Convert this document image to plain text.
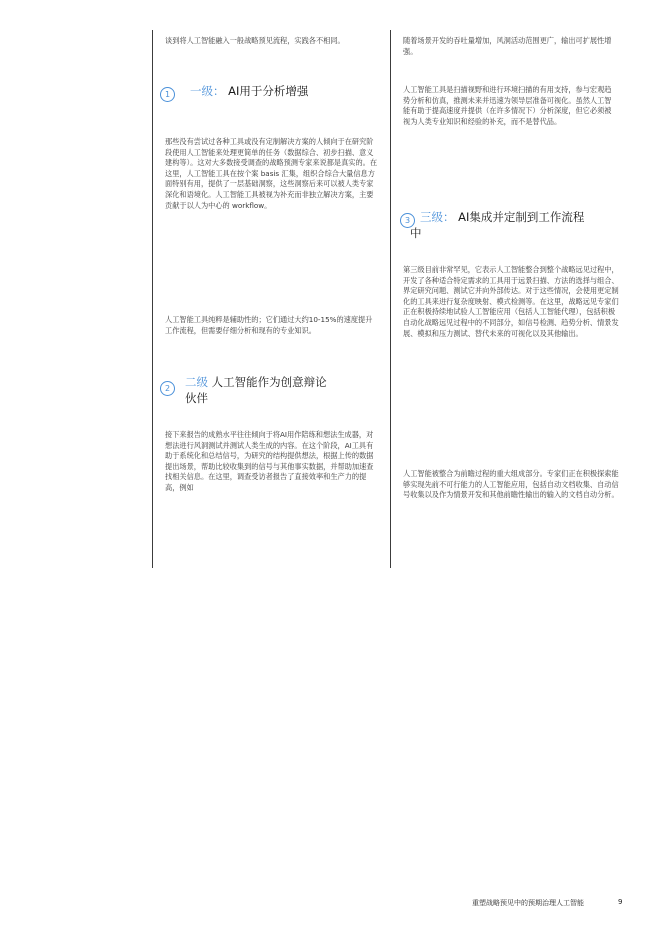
谈到将人工智能融入一般战略预见流程，实践各不相同。

1	一级： AI用于分析增强

那些没有尝试过各种工具或没有定制解决方案的人倾向于在研究阶段使用人工智能来处理更简单的任务（数据综合、初步扫描、意义建构等）。这对大多数接受调查的战略预测专家来说都是真实的。在这里，人工智能工具在按个案 basis 汇集，组织合综合大量信息方面特别有用，提供了一层基础洞察，这些洞察后来可以被人类专家深化和语境化。人工智能工具被视为补充而非独立解决方案，主要贡献于以人为中心的 workflow。

人工智能工具纯粹是辅助性的；它们通过大约10-15%的速度提升工作流程，但需要仔细分析和现有的专业知识。

2	二级 人工智能作为创意辩论
伙伴

接下来报告的成熟水平往往倾向于将AI用作陪练和想法生成器，对想法进行风洞测试并测试人类生成的内容。在这个阶段，AI工具有助于系统化和总结信号，为研究的结构提供想法，根据上传的数据提出场景，帮助比较收集到的信号与其他事实数据，并帮助加速查找相关信息。在这里，调查受访者报告了直接效率和生产力的提高，例如

随着场景开发的吞吐量增加，风洞活动范围更广，输出可扩展性增强。

人工智能工具是扫描视野和进行环境扫描的有用支持，参与宏观趋势分析和仿真，推测未来并迅速为领导层准备可视化。虽然人工智能有助于提高速度并提供（在许多情况下）分析深度，但它必须被视为人类专业知识和经验的补充，而不是替代品。

3 三级： AI集成并定制到工作流程
中

第三级目前非常罕见，它表示人工智能整合到整个战略远见过程中，开发了各种适合特定需求的工具用于远景扫描、方法的选择与组合、界定研究问题、测试它并向外部传达。对于这些情况，会使用更定制化的工具来进行复杂度映射、模式检测等。在这里，战略远见专家们正在积极持续地试验人工智能应用（包括人工智能代理），包括积极自动化战略远见过程中的不同部分，如信号检测、趋势分析、情景发展、模拟和压力测试、替代未来的可视化以及其他输出。

人工智能被整合为前瞻过程的重大组成部分。专家们正在积极探索能够实现先前不可行能力的人工智能应用，包括自动文档收集、自动信号收集以及作为情景开发和其他前瞻性输出的输入的文档自动分析。

重塑战略预见中的预期治理人工智能	9
